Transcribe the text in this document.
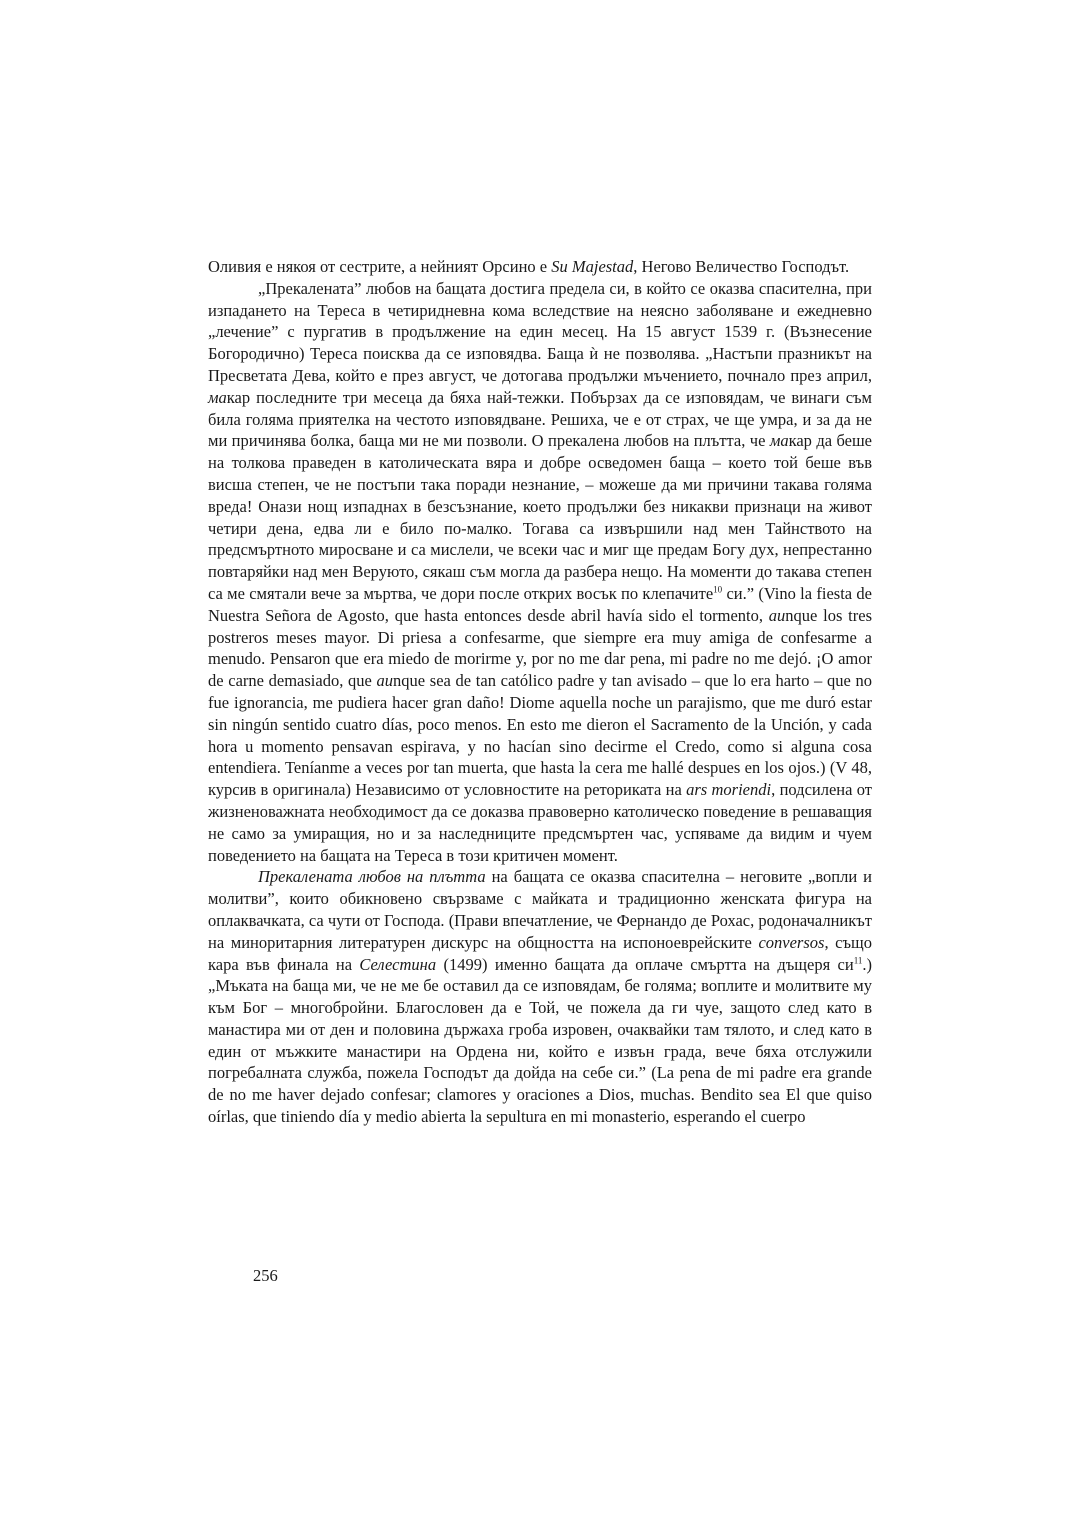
Оливия е някоя от сестрите, а нейният Орсино е Su Majestad, Негово Величество Господът.

„Прекалената” любов на бащата достига предела си, в който се оказва спасителна, при изпадането на Тереса в четиридневна кома вследствие на неясно заболяване и ежедневно „лечение” с пургатив в продължение на един месец. На 15 август 1539 г. (Възнесение Богородично) Тереса поисква да се изповядва. Баща ѝ не позволява. „Настъпи празникът на Пресветата Дева, който е през август, че дотогава продължи мъчението, почнало през април, макар последните три месеца да бяха най-тежки. Побързах да се изповядам, че винаги съм била голяма приятелка на честото изповядване. Решиха, че е от страх, че ще умра, и за да не ми причинява болка, баща ми не ми позволи. О прекалена любов на плътта, че макар да беше на толкова праведен в католическата вяра и добре осведомен баща – което той беше във висша степен, че не постъпи така поради незнание, – можеше да ми причини такава голяма вреда! Онази нощ изпаднах в безсъзнание, което продължи без никакви признаци на живот четири дена, едва ли е било по-малко. Тогава са извършили над мен Тайнството на предсмъртното миросване и са мислели, че всеки час и миг ще предам Богу дух, непрестанно повтаряйки над мен Веруюто, сякаш съм могла да разбера нещо. На моменти до такава степен са ме смятали вече за мъртва, че дори после открих восък по клепачите$^{10}$ си.” (Vino la fiesta de Nuestra Señora de Agosto, que hasta entonces desde abril havía sido el tormento, aunque los tres postreros meses mayor. Di priesa a confesarme, que siempre era muy amiga de confesarme a menudo. Pensaron que era miedo de morirme y, por no me dar pena, mi padre no me dejó. ¡O amor de carne demasiado, que aunque sea de tan católico padre y tan avisado – que lo era harto – que no fue ignorancia, me pudiera hacer gran daño! Diome aquella noche un parajismo, que me duró estar sin ningún sentido cuatro días, poco menos. En esto me dieron el Sacramento de la Unción, y cada hora u momento pensavan espirava, y no hacían sino decirme el Credo, como si alguna cosa entendiera. Teníanme a veces por tan muerta, que hasta la cera me hallé despues en los ojos.) (V 48, курсив в оригинала) Независимо от условностите на реториката на ars moriendi, подсилена от жизненоважната необходимост да се доказва правоверно католическо поведение в решаващия не само за умиращия, но и за наследниците предсмъртен час, успяваме да видим и чуем поведението на бащата на Тереса в този критичен момент.

Прекалената любов на плътта на бащата се оказва спасителна – неговите „вопли и молитви”, които обикновено свързваме с майката и традиционно женската фигура на оплаквачката, са чути от Господа. (Прави впечатление, че Фернандо де Рохас, родоначалникът на миноритарния литературен дискурс на общността на испоноеврейските conversos, също кара във финала на Селестина (1499) именно бащата да оплаче смъртта на дъщеря $си^{11}$.) „Мъката на баща ми, че не ме бе оставил да се изповядам, бе голяма; воплите и молитвите му към Бог – многобройни. Благословен да е Той, че пожела да ги чуе, защото след като в манастира ми от ден и половина държаха гроба изровен, очаквайки там тялото, и след като в един от мъжките манастири на Ордена ни, който е извън града, вече бяха отслужили погребалната служба, пожела Господът да дойда на себе си.” (La pena de mi padre era grande de no me haver dejado confesar; clamores y oraciones a Dios, muchas. Bendito sea El que quiso oírlas, que tiniendo día y medio abierta la sepultura en mi monasterio, esperando el cuerpo

256
